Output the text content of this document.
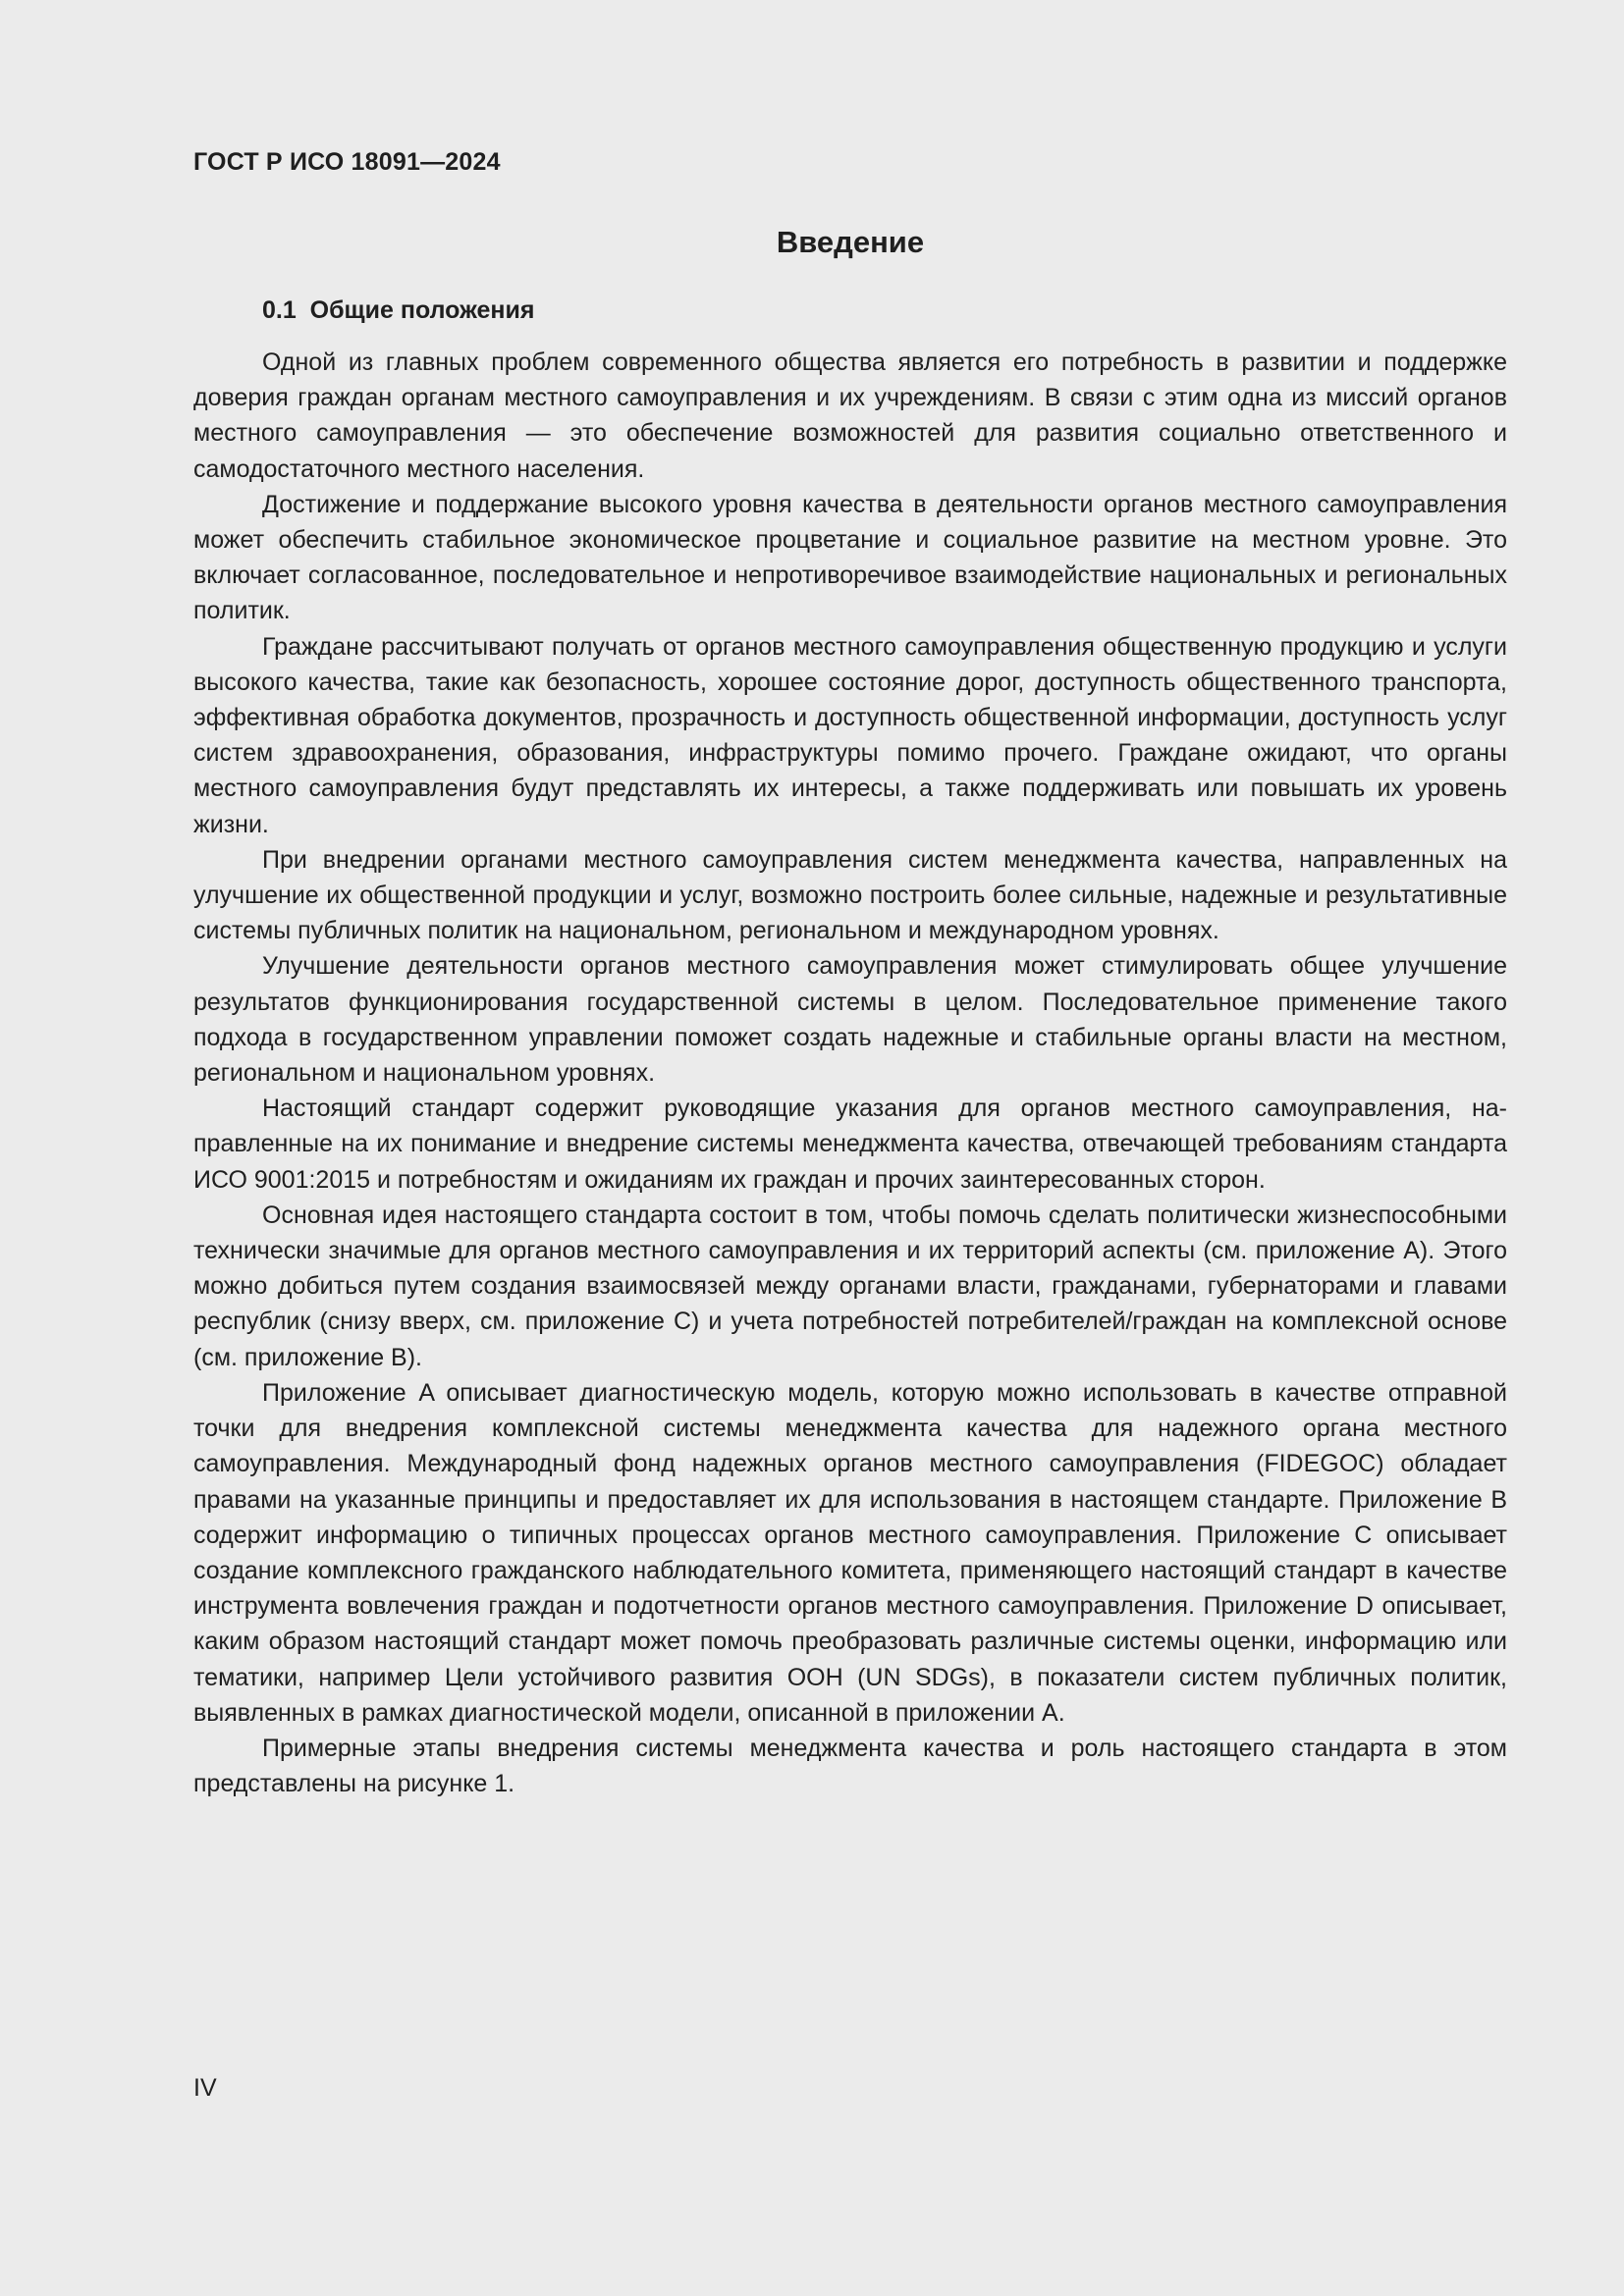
ГОСТ Р ИСО 18091—2024
Введение
0.1  Общие положения

Одной из главных проблем современного общества является его потребность в развитии и поддержке доверия граждан органам местного самоуправления и их учреждениям. В связи с этим одна из миссий органов местного самоуправления — это обеспечение возможностей для развития социально ответственного и самодостаточного местного населения.

Достижение и поддержание высокого уровня качества в деятельности органов местного самоуправления может обеспечить стабильное экономическое процветание и социальное развитие на местном уровне. Это включает согласованное, последовательное и непротиворечивое взаимодействие национальных и региональных политик.

Граждане рассчитывают получать от органов местного самоуправления общественную продукцию и услуги высокого качества, такие как безопасность, хорошее состояние дорог, доступность общественного транспорта, эффективная обработка документов, прозрачность и доступность общественной информации, доступность услуг систем здравоохранения, образования, инфраструктуры помимо прочего. Граждане ожидают, что органы местного самоуправления будут представлять их интересы, а также поддерживать или повышать их уровень жизни.

При внедрении органами местного самоуправления систем менеджмента качества, направленных на улучшение их общественной продукции и услуг, возможно построить более сильные, надежные и результативные системы публичных политик на национальном, региональном и международном уровнях.

Улучшение деятельности органов местного самоуправления может стимулировать общее улучшение результатов функционирования государственной системы в целом. Последовательное применение такого подхода в государственном управлении поможет создать надежные и стабильные органы власти на местном, региональном и национальном уровнях.

Настоящий стандарт содержит руководящие указания для органов местного самоуправления, направленные на их понимание и внедрение системы менеджмента качества, отвечающей требованиям стандарта ИСО 9001:2015 и потребностям и ожиданиям их граждан и прочих заинтересованных сторон.

Основная идея настоящего стандарта состоит в том, чтобы помочь сделать политически жизнеспособными технически значимые для органов местного самоуправления и их территорий аспекты (см. приложение A). Этого можно добиться путем создания взаимосвязей между органами власти, гражданами, губернаторами и главами республик (снизу вверх, см. приложение C) и учета потребностей потребителей/граждан на комплексной основе (см. приложение B).

Приложение A описывает диагностическую модель, которую можно использовать в качестве отправной точки для внедрения комплексной системы менеджмента качества для надежного органа местного самоуправления. Международный фонд надежных органов местного самоуправления (FIDEGOC) обладает правами на указанные принципы и предоставляет их для использования в настоящем стандарте. Приложение B содержит информацию о типичных процессах органов местного самоуправления. Приложение C описывает создание комплексного гражданского наблюдательного комитета, применяющего настоящий стандарт в качестве инструмента вовлечения граждан и подотчетности органов местного самоуправления. Приложение D описывает, каким образом настоящий стандарт может помочь преобразовать различные системы оценки, информацию или тематики, например Цели устойчивого развития ООН (UN SDGs), в показатели систем публичных политик, выявленных в рамках диагностической модели, описанной в приложении A.

Примерные этапы внедрения системы менеджмента качества и роль настоящего стандарта в этом представлены на рисунке 1.

IV
